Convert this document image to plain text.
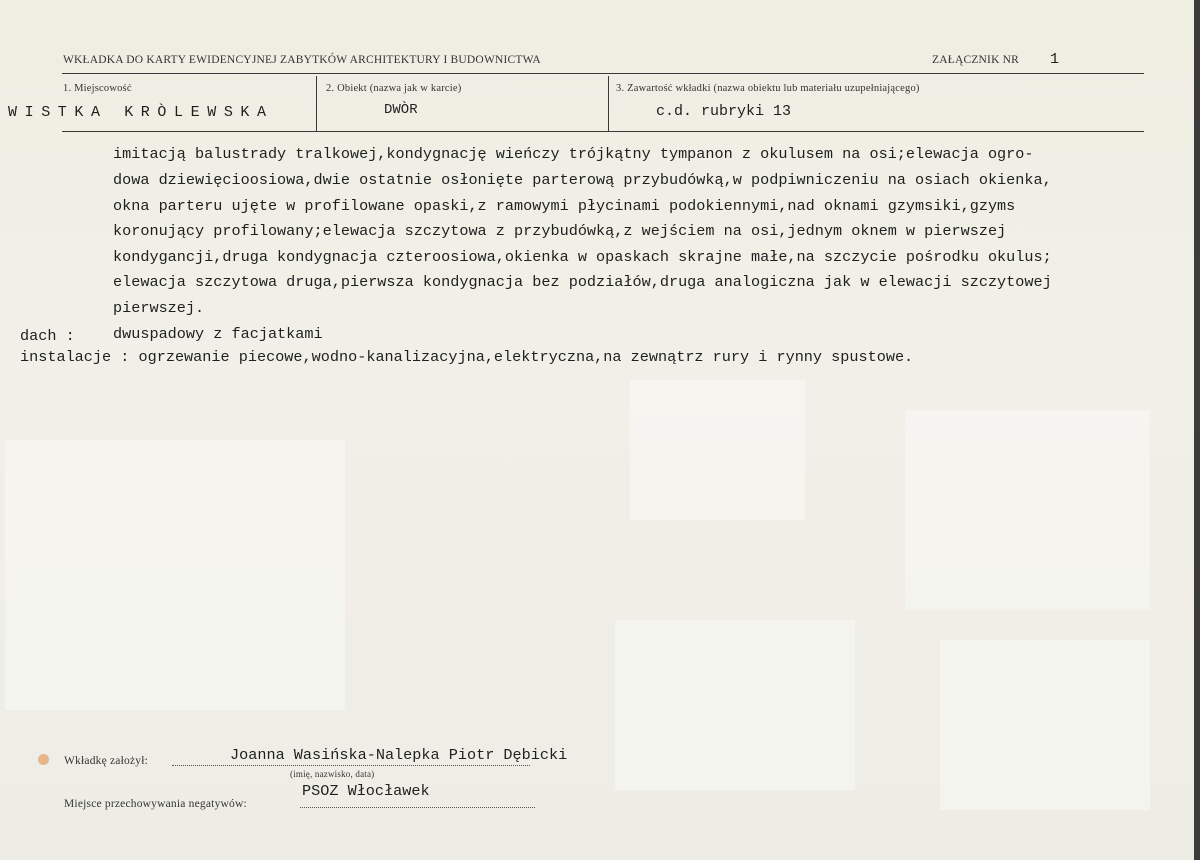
WKŁADKA DO KARTY EWIDENCYJNEJ ZABYTKÓW ARCHITEKTURY I BUDOWNICTWA	ZAŁĄCZNIK NR 1
1. Miejscowość	2. Obiekt (nazwa jak w karcie)	3. Zawartość wkładki (nazwa obiektu lub materiału uzupełniającego)
WISTKA KRÒLEWSKA	DWÒR	c.d. rubryki 13
imitacją balustrady tralkowej,kondygnację wieńczy trójkątny tympanon z okulusem na osi;elewacja ogro-
dowa dziewięcioosiowa,dwie ostatnie osłonięte parterową przybudówką,w podpiwniczeniu na osiach okienka,
okna parteru ujęte w profilowane opaski,z ramowymi płycinami podokiennymi,nad oknami gzymsiki,gzyms
koronujący profilowany;elewacja szczytowa z przybudówką,z wejściem na osi,jednym oknem w pierwszej
kondygancji,druga kondygnacja czteroosiowa,okienka w opaskach skrajne małe,na szczycie pośrodku okulus;
elewacja szczytowa druga,pierwsza kondygnacja bez podziałów,druga analogiczna jak w elewacji szczytowej
pierwszej.
dach :	dwuspadowy z facjatkami
instalacje : ogrzewanie piecowe,wodno-kanalizacyjna,elektryczna,na zewnątrz rury i rynny spustowe.
Wkładkę założył:	Joanna Wasińska-Nalepka Piotr Dębicki
(imię, nazwisko, data)
Miejsce przechowywania negatywów:
PSOZ Włocławek
